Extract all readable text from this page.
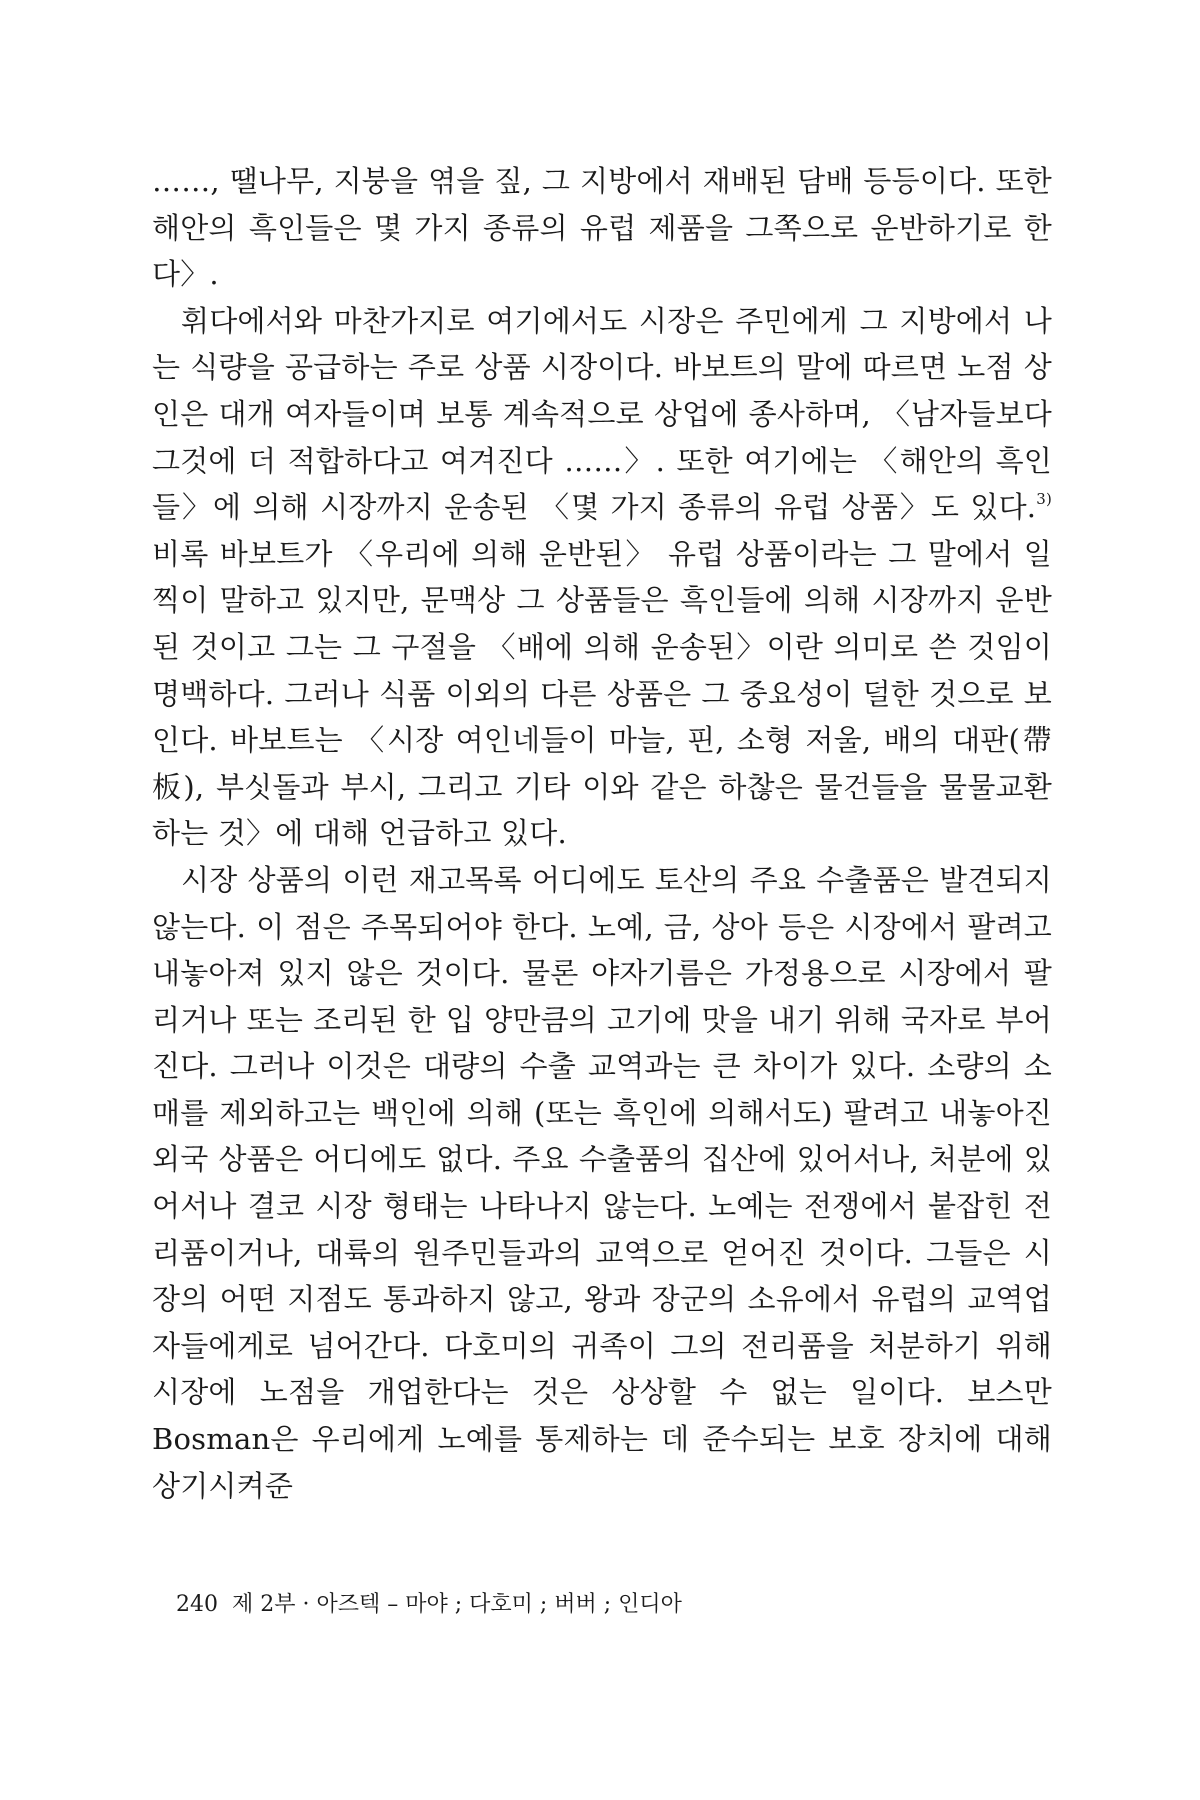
……, 땔나무, 지붕을 엮을 짚, 그 지방에서 재배된 담배 등등이다. 또한 해안의 흑인들은 몇 가지 종류의 유럽 제품을 그쪽으로 운반하기로 한다〉.

휘다에서와 마찬가지로 여기에서도 시장은 주민에게 그 지방에서 나는 식량을 공급하는 주로 상품 시장이다. 바보트의 말에 따르면 노점 상인은 대개 여자들이며 보통 계속적으로 상업에 종사하며, 〈남자들보다 그것에 더 적합하다고 여겨진다 ……〉. 또한 여기에는 〈해안의 흑인들〉에 의해 시장까지 운송된 〈몇 가지 종류의 유럽 상품〉도 있다.$^{3)}$ 비록 바보트가 〈우리에 의해 운반된〉 유럽 상품이라는 그 말에서 일찍이 말하고 있지만, 문맥상 그 상품들은 흑인들에 의해 시장까지 운반된 것이고 그는 그 구절을 〈배에 의해 운송된〉이란 의미로 쓴 것임이 명백하다. 그러나 식품 이외의 다른 상품은 그 중요성이 덜한 것으로 보인다. 바보트는 〈시장 여인네들이 마늘, 핀, 소형 저울, 배의 대판(帶板), 부싯돌과 부시, 그리고 기타 이와 같은 하찮은 물건들을 물물교환하는 것〉에 대해 언급하고 있다.

시장 상품의 이런 재고목록 어디에도 토산의 주요 수출품은 발견되지 않는다. 이 점은 주목되어야 한다. 노예, 금, 상아 등은 시장에서 팔려고 내놓아져 있지 않은 것이다. 물론 야자기름은 가정용으로 시장에서 팔리거나 또는 조리된 한 입 양만큼의 고기에 맛을 내기 위해 국자로 부어진다. 그러나 이것은 대량의 수출 교역과는 큰 차이가 있다. 소량의 소매를 제외하고는 백인에 의해 (또는 흑인에 의해서도) 팔려고 내놓아진 외국 상품은 어디에도 없다. 주요 수출품의 집산에 있어서나, 처분에 있어서나 결코 시장 형태는 나타나지 않는다. 노예는 전쟁에서 붙잡힌 전리품이거나, 대륙의 원주민들과의 교역으로 얻어진 것이다. 그들은 시장의 어떤 지점도 통과하지 않고, 왕과 장군의 소유에서 유럽의 교역업자들에게로 넘어간다. 다호미의 귀족이 그의 전리품을 처분하기 위해 시장에 노점을 개업한다는 것은 상상할 수 없는 일이다. 보스만 Bosman은 우리에게 노예를 통제하는 데 준수되는 보호 장치에 대해 상기시켜준

240 제 2부 · 아즈텍 – 마야 ; 다호미 ; 버버 ; 인디아
